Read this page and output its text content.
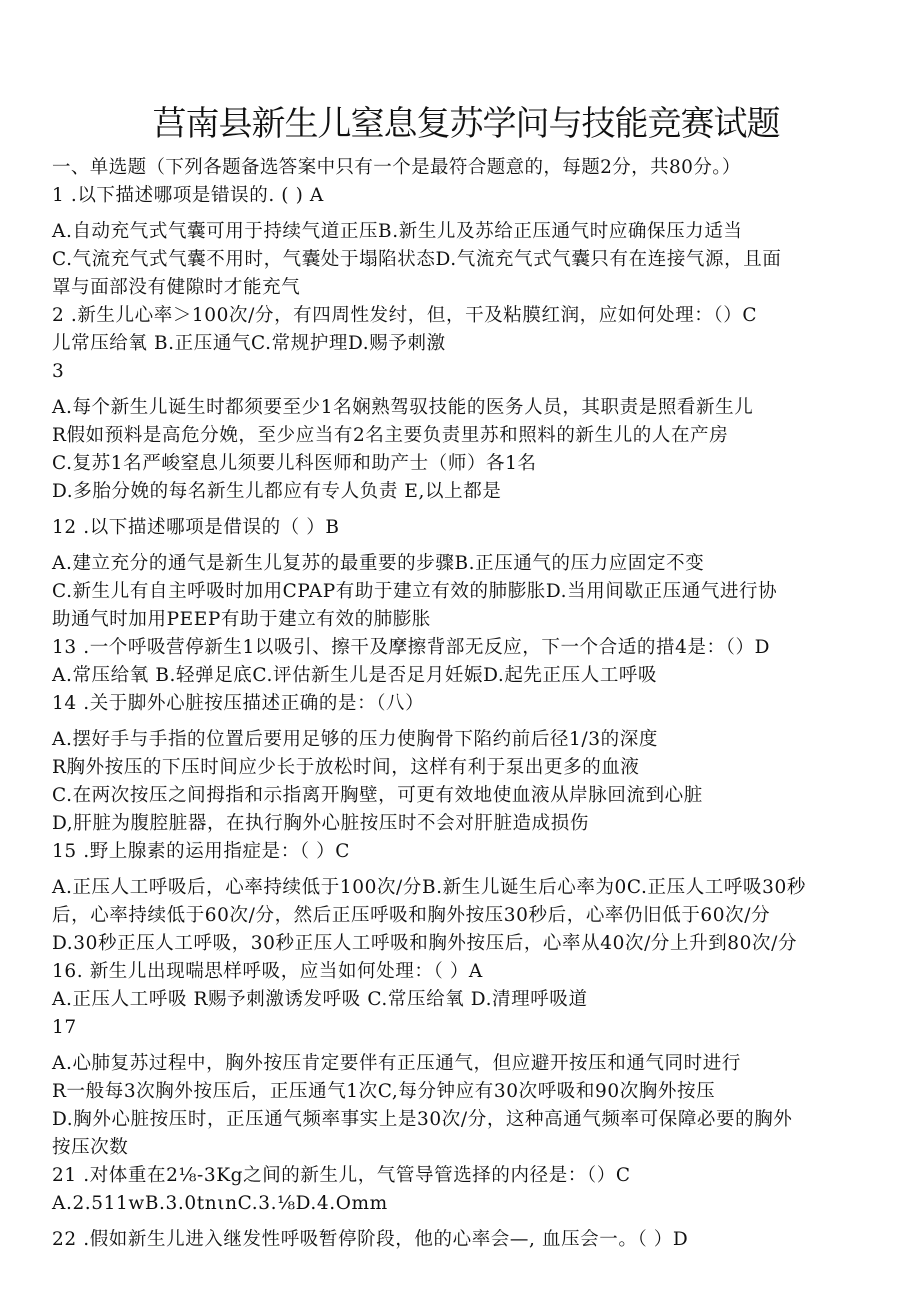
莒南县新生儿窒息复苏学问与技能竞赛试题
一、单选题（下列各题备选答案中只有一个是最符合题意的，每题2分，共80分。）
1 .以下描述哪项是错误的. ( ) A
A.自动充气式气囊可用于持续气道正压B.新生儿及苏给正压通气时应确保压力适当
C.气流充气式气囊不用时，气囊处于塌陷状态D.气流充气式气囊只有在连接气源，且面
罩与面部没有健隙时才能充气
2 .新生儿心率＞100次/分，有四周性发纣，但，干及粘膜红润，应如何处理：（）C
儿常压给氧 B.正压通气C.常规护理D.赐予刺激
3
A.每个新生儿诞生时都须要至少1名娴熟驾驭技能的医务人员，其职责是照看新生儿
R假如预料是高危分娩，至少应当有2名主要负责里苏和照料的新生儿的人在产房
C.复苏1名严峻窒息儿须要儿科医师和助产士（师）各1名
D.多胎分娩的每名新生儿都应有专人负责 E,以上都是
12 .以下描述哪项是借误的（ ）B
A.建立充分的通气是新生儿复苏的最重要的步骤B.正压通气的压力应固定不变
C.新生儿有自主呼吸时加用CPAP有助于建立有效的肺膨胀D.当用间歇正压通气进行协
助通气时加用PEEP有助于建立有效的肺膨胀
13 .一个呼吸营停新生1以吸引、擦干及摩擦背部无反应，下一个合适的措4是：（）D
A.常压给氧 B.轻弹足底C.评估新生儿是否足月妊娠D.起先正压人工呼吸
14 .关于脚外心脏按压描述正确的是：（八）
A.摆好手与手指的位置后要用足够的压力使胸骨下陷约前后径1/3的深度
R胸外按压的下压时间应少长于放松时间，这样有利于泵出更多的血液
C.在两次按压之间拇指和示指离开胸壁，可更有效地使血液从岸脉回流到心脏
D,肝脏为腹腔脏器，在执行胸外心脏按压时不会对肝脏造成损伤
15 .野上腺素的运用指症是：（ ）C
A.正压人工呼吸后，心率持续低于100次/分B.新生儿诞生后心率为0C.正压人工呼吸30秒
后，心率持续低于60次/分，然后正压呼吸和胸外按压30秒后，心率仍旧低于60次/分
D.30秒正压人工呼吸，30秒正压人工呼吸和胸外按压后，心率从40次/分上升到80次/分
16. 新生儿出现喘思样呼吸，应当如何处理：（ ）A
A.正压人工呼吸 R赐予刺激诱发呼吸 C.常压给氧 D.清理呼吸道
17
A.心肺复苏过程中，胸外按压肯定要伴有正压通气，但应避开按压和通气同时进行
R一般每3次胸外按压后，正压通气1次C,每分钟应有30次呼吸和90次胸外按压
D.胸外心脏按压时，正压通气频率事实上是30次/分，这种高通气频率可保障必要的胸外
按压次数
21 .对体重在2⅛-3Kg之间的新生儿，气管导管选择的内径是：（）C
A.2.511wB.3.0tnιnC.3.⅛D.4.Omm
22 .假如新生儿进入继发性呼吸暂停阶段，他的心率会—, 血压会一。（ ）D
